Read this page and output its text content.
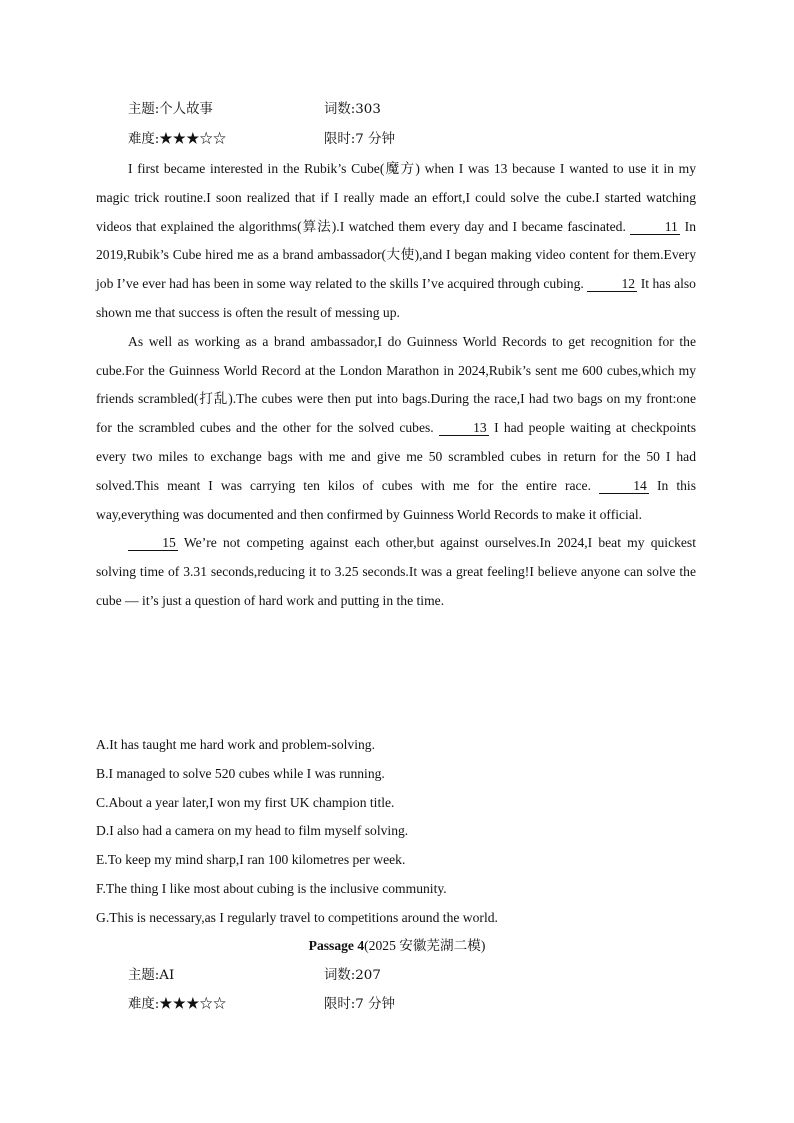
主题:个人故事	词数:303
难度:★★★☆☆	限时:7 分钟

I first became interested in the Rubik’s Cube(魔方) when I was 13 because I wanted to use it in my magic trick routine.I soon realized that if I really made an effort,I could solve the cube.I started watching videos that explained the algorithms(算法).I watched them every day and I became fascinated.	11 In 2019,Rubik’s Cube hired me as a brand ambassador(大使),and I began making video content for them.Every job I’ve ever had has been in some way related to the skills I’ve acquired through cubing.	12 It has also shown me that success is often the result of messing up.

As well as working as a brand ambassador,I do Guinness World Records to get recognition for the cube.For the Guinness World Record at the London Marathon in 2024,Rubik’s sent me 600 cubes,which my friends scrambled(打乱).The cubes were then put into bags.During the race,I had two bags on my front:one for the scrambled cubes and the other for the solved cubes.	13 I had people waiting at checkpoints every two miles to exchange bags with me and give me 50 scrambled cubes in return for the 50 I had solved.This meant I was carrying ten kilos of cubes with me for the entire race.	14 In this way,everything was documented and then confirmed by Guinness World Records to make it official.

15 We’re not competing against each other,but against ourselves.In 2024,I beat my quickest solving time of 3.31 seconds,reducing it to 3.25 seconds.It was a great feeling!I believe anyone can solve the cube — it’s just a question of hard work and putting in the time.

A.It has taught me hard work and problem-solving.
B.I managed to solve 520 cubes while I was running.
C.About a year later,I won my first UK champion title.
D.I also had a camera on my head to film myself solving.
E.To keep my mind sharp,I ran 100 kilometres per week.
F.The thing I like most about cubing is the inclusive community.
G.This is necessary,as I regularly travel to competitions around the world.
Passage 4(2025 安徽芜湖二模)
主题:AI	词数:207
难度:★★★☆☆	限时:7 分钟
